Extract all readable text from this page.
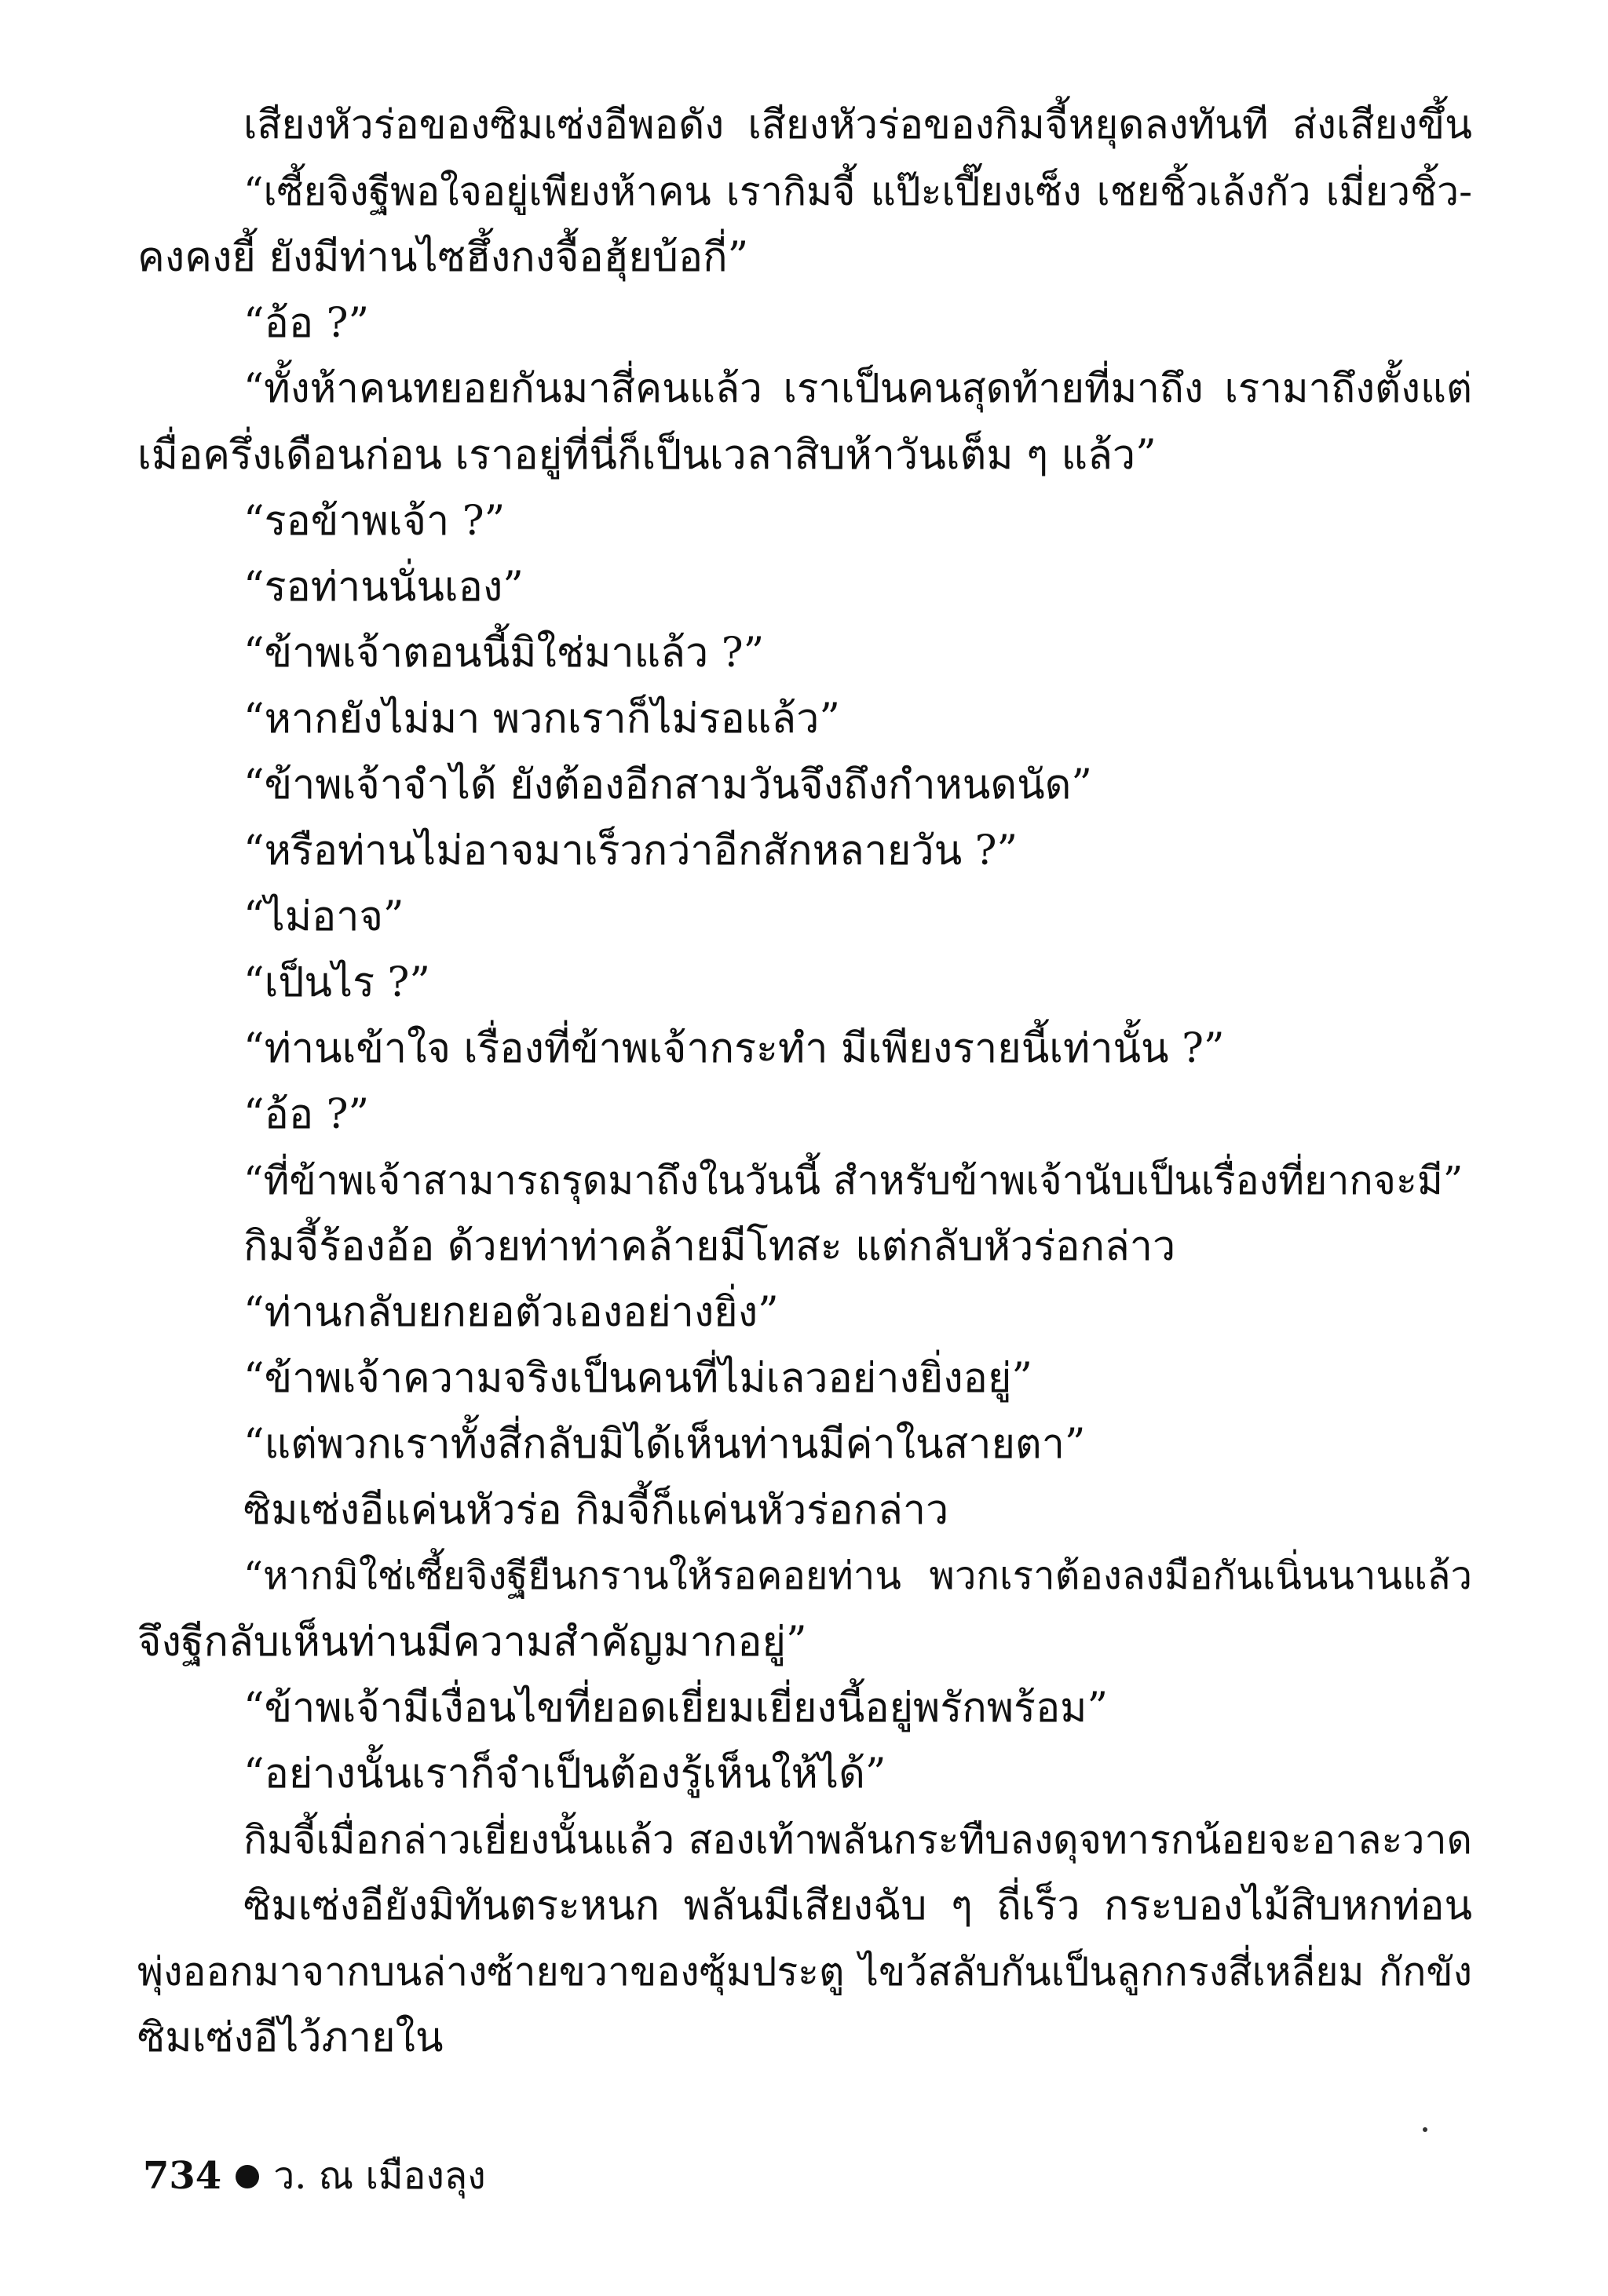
เสียงหัวร่อของซิมเซ่งอีพอดัง เสียงหัวร่อของกิมจี้หยุดลงทันที ส่งเสียงขึ้น
“เซี้ยจิงฐีพอใจอยู่เพียงห้าคน เรากิมจี้ แป๊ะเปี๊ยงเซ็ง เชยชิ้วเล้งกัว เมี่ยวชิ้ว-
คงคงยี้ ยังมีท่านไซฮึ้งกงจื้อฮุ้ยบ้อกี่”
“อ้อ ?”
“ทั้งห้าคนทยอยกันมาสี่คนแล้ว เราเป็นคนสุดท้ายที่มาถึง เรามาถึงตั้งแต่
เมื่อครึ่งเดือนก่อน เราอยู่ที่นี่ก็เป็นเวลาสิบห้าวันเต็ม ๆ แล้ว”
“รอข้าพเจ้า ?”
“รอท่านนั่นเอง”
“ข้าพเจ้าตอนนี้มิใช่มาแล้ว ?”
“หากยังไม่มา พวกเราก็ไม่รอแล้ว”
“ข้าพเจ้าจำได้ ยังต้องอีกสามวันจึงถึงกำหนดนัด”
“หรือท่านไม่อาจมาเร็วกว่าอีกสักหลายวัน ?”
“ไม่อาจ”
“เป็นไร ?”
“ท่านเข้าใจ เรื่องที่ข้าพเจ้ากระทำ มีเพียงรายนี้เท่านั้น ?”
“อ้อ ?”
“ที่ข้าพเจ้าสามารถรุดมาถึงในวันนี้ สำหรับข้าพเจ้านับเป็นเรื่องที่ยากจะมี”
กิมจี้ร้องอ้อ ด้วยท่าท่าคล้ายมีโทสะ แต่กลับหัวร่อกล่าว
“ท่านกลับยกยอตัวเองอย่างยิ่ง”
“ข้าพเจ้าความจริงเป็นคนที่ไม่เลวอย่างยิ่งอยู่”
“แต่พวกเราทั้งสี่กลับมิได้เห็นท่านมีค่าในสายตา”
ซิมเซ่งอีแค่นหัวร่อ กิมจี้ก็แค่นหัวร่อกล่าว
“หากมิใช่เซี้ยจิงฐียืนกรานให้รอคอยท่าน พวกเราต้องลงมือกันเนิ่นนานแล้ว
จึงฐีกลับเห็นท่านมีความสำคัญมากอยู่”
“ข้าพเจ้ามีเงื่อนไขที่ยอดเยี่ยมเยี่ยงนี้อยู่พรักพร้อม”
“อย่างนั้นเราก็จำเป็นต้องรู้เห็นให้ได้”
กิมจี้เมื่อกล่าวเยี่ยงนั้นแล้ว สองเท้าพลันกระทืบลงดุจทารกน้อยจะอาละวาด
ซิมเซ่งอียังมิทันตระหนก พลันมีเสียงฉับ ๆ ถี่เร็ว กระบองไม้สิบหกท่อน
พุ่งออกมาจากบนล่างซ้ายขวาของซุ้มประตู ไขว้สลับกันเป็นลูกกรงสี่เหลี่ยม กักขัง
ซิมเซ่งอีไว้ภายใน
734 ว. ณ เมืองลุง
